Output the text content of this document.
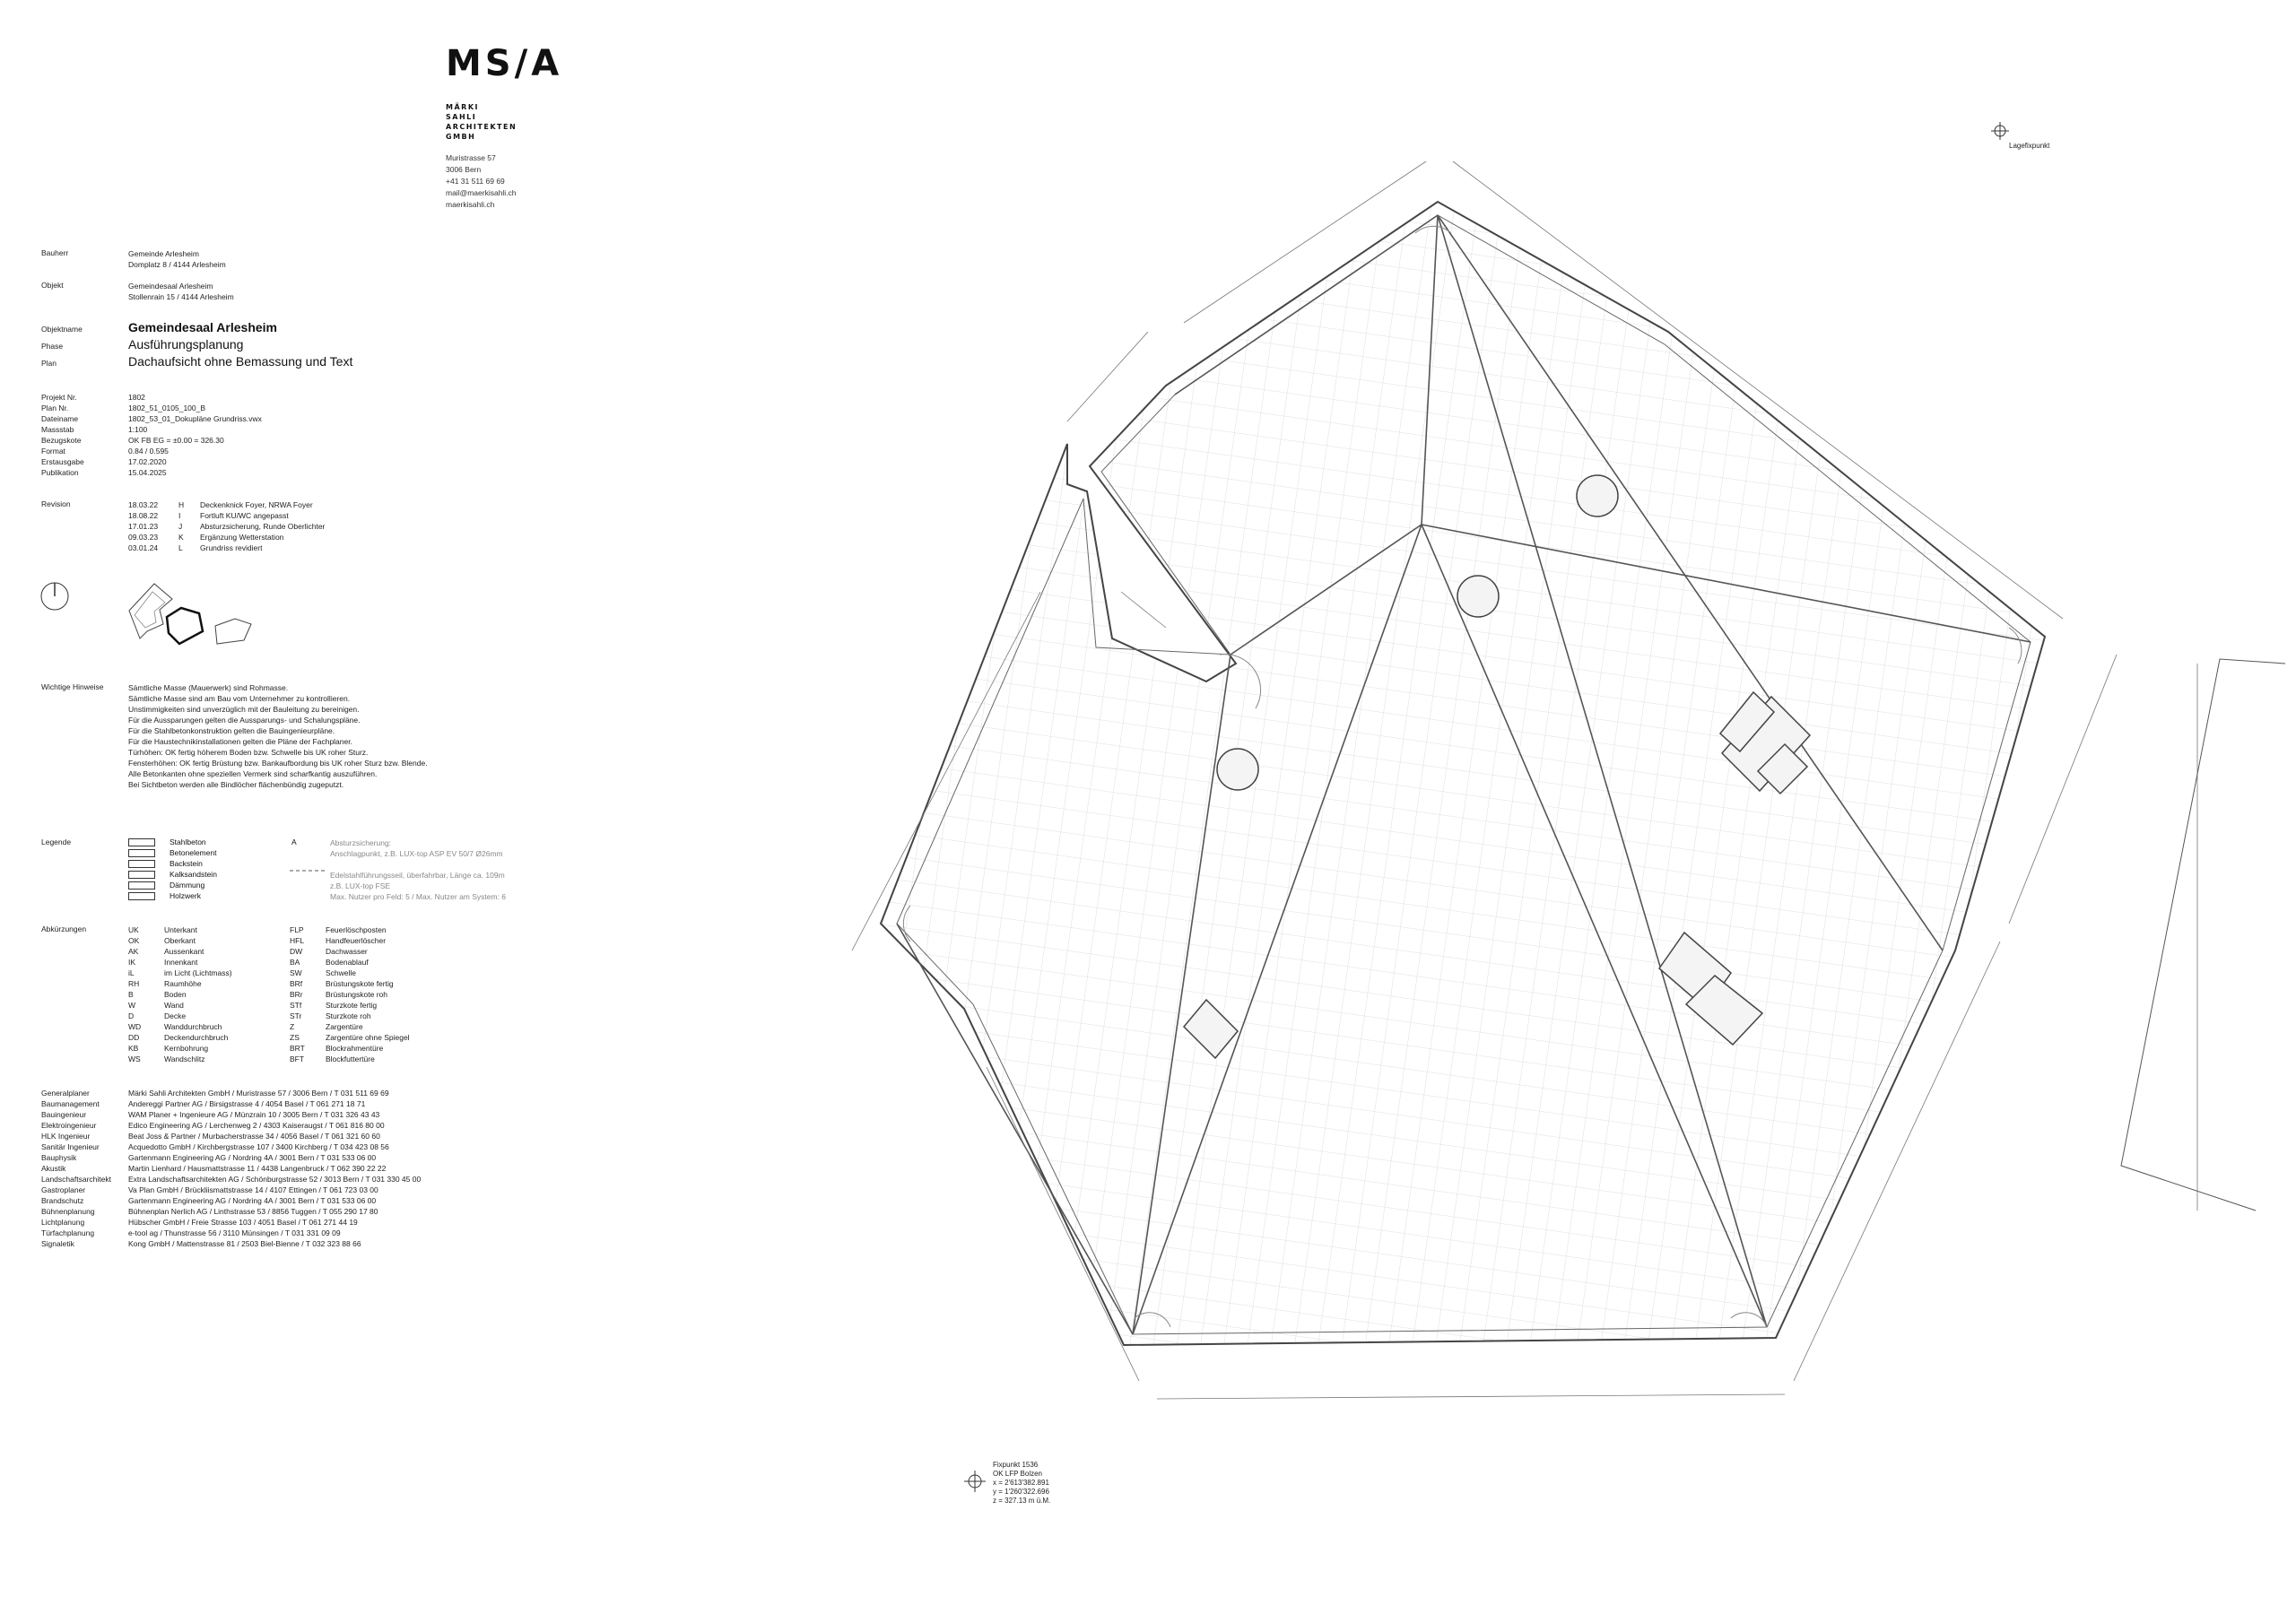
MS/A
MÄRKI
SAHLI
ARCHITEKTEN
GMBH
Muristrasse 57
3006 Bern
+41 31 511 69 69
mail@maerkisahli.ch
maerkisahli.ch
Bauherr	Gemeinde Arlesheim
Domplatz 8 / 4144 Arlesheim
Objekt	Gemeindesaal Arlesheim
Stollenrain 15 / 4144 Arlesheim
Objektname	Gemeindesaal Arlesheim
Phase	Ausführungsplanung
Plan	Dachaufsicht ohne Bemassung und Text
Projekt Nr.	1802
Plan Nr.	1802_51_0105_100_B
Dateiname	1802_53_01_Dokupläne Grundriss.vwx
Massstab	1:100
Bezugskote	OK FB EG = ±0.00 = 326.30
Format	0.84 / 0.595
Erstausgabe	17.02.2020
Publikation	15.04.2025
Revision	18.03.22	H	Deckenknick Foyer, NRWA Foyer
18.08.22	I	Fortluft KU/WC angepasst
17.01.23	J	Absturzsicherung, Runde Oberlichter
09.03.23	K	Ergänzung Wetterstation
03.01.24	L	Grundriss revidiert
Wichtige Hinweise	Sämtliche Masse (Mauerwerk) sind Rohmasse.
Sämtliche Masse sind am Bau vom Unternehmer zu kontrollieren.
Unstimmigkeiten sind unverzüglich mit der Bauleitung zu bereinigen.
Für die Aussparungen gelten die Aussparungs- und Schalungspläne.
Für die Stahlbetonkonstruktion gelten die Bauingenieurpläne.
Für die Haustechnikinstallationen gelten die Pläne der Fachplaner.
Türhöhen: OK fertig höherem Boden bzw. Schwelle bis UK roher Sturz.
Fensterhöhen: OK fertig Brüstung bzw. Bankaufbordung bis UK roher Sturz bzw. Blende.
Alle Betonkanten ohne speziellen Vermerk sind scharfkantig auszuführen.
Bei Sichtbeton werden alle Bindlöcher flächenbündig zugeputzt.
Legende	Stahlbeton
Betonelement
Backstein
Kalksandstein
Dämmung
Holzwerk
A	Absturzsicherung:
Anschlagpunkt, z.B. LUX-top ASP EV 50/7 Ø26mm
Edelstahlführungsseil, überfahrbar, Länge ca. 109m
z.B. LUX-top FSE
Max. Nutzer pro Feld: 5 / Max. Nutzer am System: 6
Abkürzungen	UK	Unterkant	FLP	Feuerlöschposten
OK	Oberkant	HFL	Handfeuerlöscher
AK	Aussenkant	DW	Dachwasser
IK	Innenkant	BA	Bodenablauf
iL	im Licht (Lichtmass)	SW	Schwelle
RH	Raumhöhe	BRf	Brüstungskote fertig
B	Boden	BRr	Brüstungskote roh
W	Wand	STf	Sturzkote fertig
D	Decke	STr	Sturzkote roh
WD	Wanddurchbruch	Z	Zargentüre
DD	Deckendurchbruch	ZS	Zargentüre ohne Spiegel
KB	Kernbohrung	BRT	Blockrahmentüre
WS	Wandschlitz	BFT	Blockfuttertüre
Generalplaner	Märki Sahli Architekten GmbH / Muristrasse 57 / 3006 Bern / T 031 511 69 69
Baumanagement	Andereggi Partner AG / Birsigstrasse 4 / 4054 Basel / T 061 271 18 71
Bauingenieur	WAM Planer + Ingenieure AG / Münzrain 10 / 3005 Bern / T 031 326 43 43
Elektroingenieur	Edico Engineering AG / Lerchenweg 2 / 4303 Kaiseraugst / T 061 816 80 00
HLK Ingenieur	Beat Joss & Partner / Murbacherstrasse 34 / 4056 Basel / T 061 321 60 60
Sanitär Ingenieur	Acquedotto GmbH / Kirchbergstrasse 107 / 3400 Kirchberg / T 034 423 08 56
Bauphysik	Gartenmann Engineering AG / Nordring 4A / 3001 Bern / T 031 533 06 00
Akustik	Martin Lienhard / Hausmattstrasse 11 / 4438 Langenbruck / T 062 390 22 22
Landschaftsarchitekt	Extra Landschaftsarchitekten AG / Schönburgstrasse 52 / 3013 Bern / T 031 330 45 00
Gastroplaner	Va Plan GmbH / Brückliismattstrasse 14 / 4107 Ettingen / T 061 723 03 00
Brandschutz	Gartenmann Engineering AG / Nordring 4A / 3001 Bern / T 031 533 06 00
Bühnenplanung	Bühnenplan Nerlich AG / Linthstrasse 53 / 8856 Tuggen / T 055 290 17 80
Lichtplanung	Hübscher GmbH / Freie Strasse 103 / 4051 Basel / T 061 271 44 19
Türfachplanung	e-tool ag / Thunstrasse 56 / 3110 Münsingen / T 031 331 09 09
Signaletik	Kong GmbH / Mattenstrasse 81 / 2503 Biel-Bienne / T 032 323 88 66
Lagefixpunkt
Fixpunkt 1536
OK LFP Bolzen
x = 2'613'382.891
y = 1'260'322.696
z = 327.13 m ü.M.
